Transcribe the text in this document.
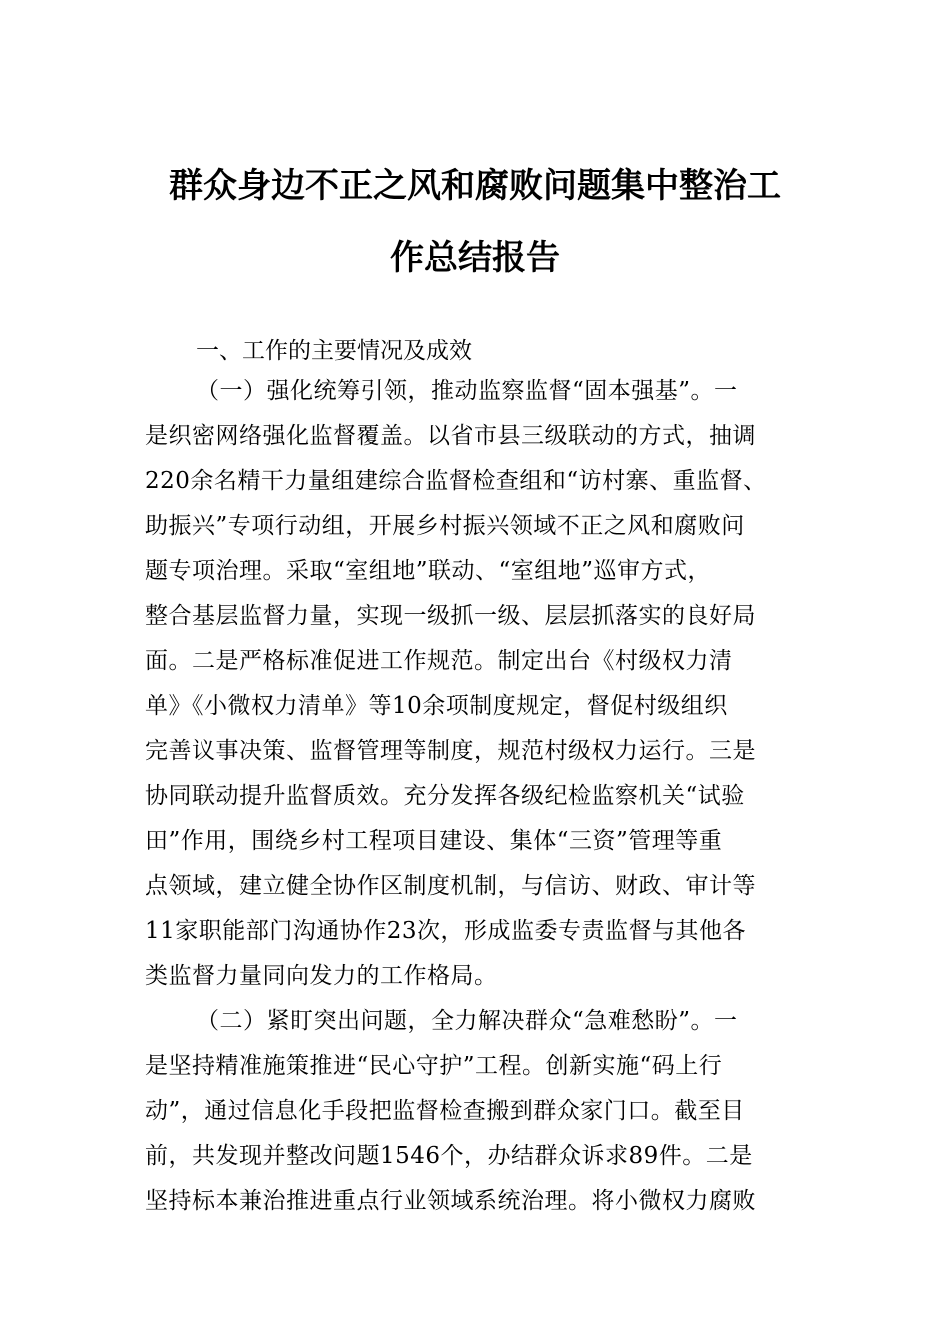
群众身边不正之风和腐败问题集中整治工
作总结报告
一、工作的主要情况及成效
（一）强化统筹引领，推动监察监督“固本强基”。一
是织密网络强化监督覆盖。以省市县三级联动的方式，抽调
220余名精干力量组建综合监督检查组和“访村寨、重监督、
助振兴”专项行动组，开展乡村振兴领域不正之风和腐败问
题专项治理。采取“室组地”联动、“室组地”巡审方式，
整合基层监督力量，实现一级抓一级、层层抓落实的良好局
面。二是严格标准促进工作规范。制定出台《村级权力清
单》《小微权力清单》等10余项制度规定，督促村级组织
完善议事决策、监督管理等制度，规范村级权力运行。三是
协同联动提升监督质效。充分发挥各级纪检监察机关“试验
田”作用，围绕乡村工程项目建设、集体“三资”管理等重
点领域，建立健全协作区制度机制，与信访、财政、审计等
11家职能部门沟通协作23次，形成监委专责监督与其他各
类监督力量同向发力的工作格局。
（二）紧盯突出问题，全力解决群众“急难愁盼”。一
是坚持精准施策推进“民心守护”工程。创新实施“码上行
动”，通过信息化手段把监督检查搬到群众家门口。截至目
前，共发现并整改问题1546个，办结群众诉求89件。二是
坚持标本兼治推进重点行业领域系统治理。将小微权力腐败
